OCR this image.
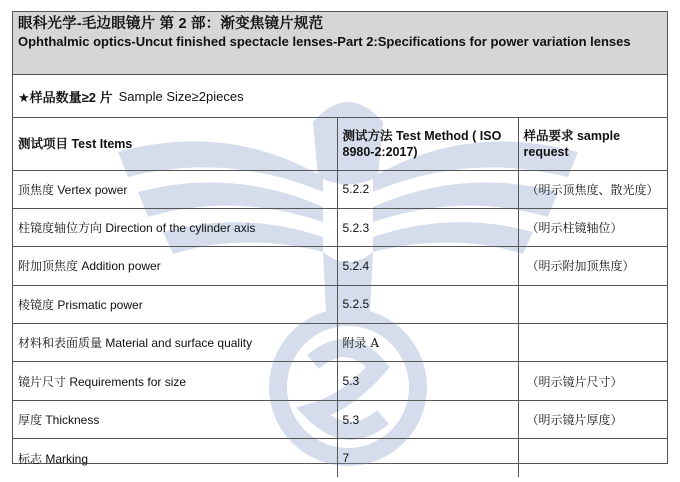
眼科光学-毛边眼镜片 第 2 部：渐变焦镜片规范
Ophthalmic optics-Uncut finished spectacle lenses-Part 2:Specifications for power variation lenses
★样品数量≥2 片 Sample Size≥2pieces
测试项目 Test Items	测试方法 Test Method ( ISO 8980-2:2017)	样品要求 sample request
顶焦度 Vertex power	5.2.2	（明示顶焦度、散光度）
柱镜度轴位方向 Direction of the cylinder axis	5.2.3	（明示柱镜轴位）
附加顶焦度 Addition power	5.2.4	（明示附加顶焦度）
棱镜度 Prismatic power	5.2.5	
材料和表面质量 Material and surface quality	附录 A	
镜片尺寸 Requirements for size	5.3	（明示镜片尺寸）
厚度 Thickness	5.3	（明示镜片厚度）
标志 Marking	7	
